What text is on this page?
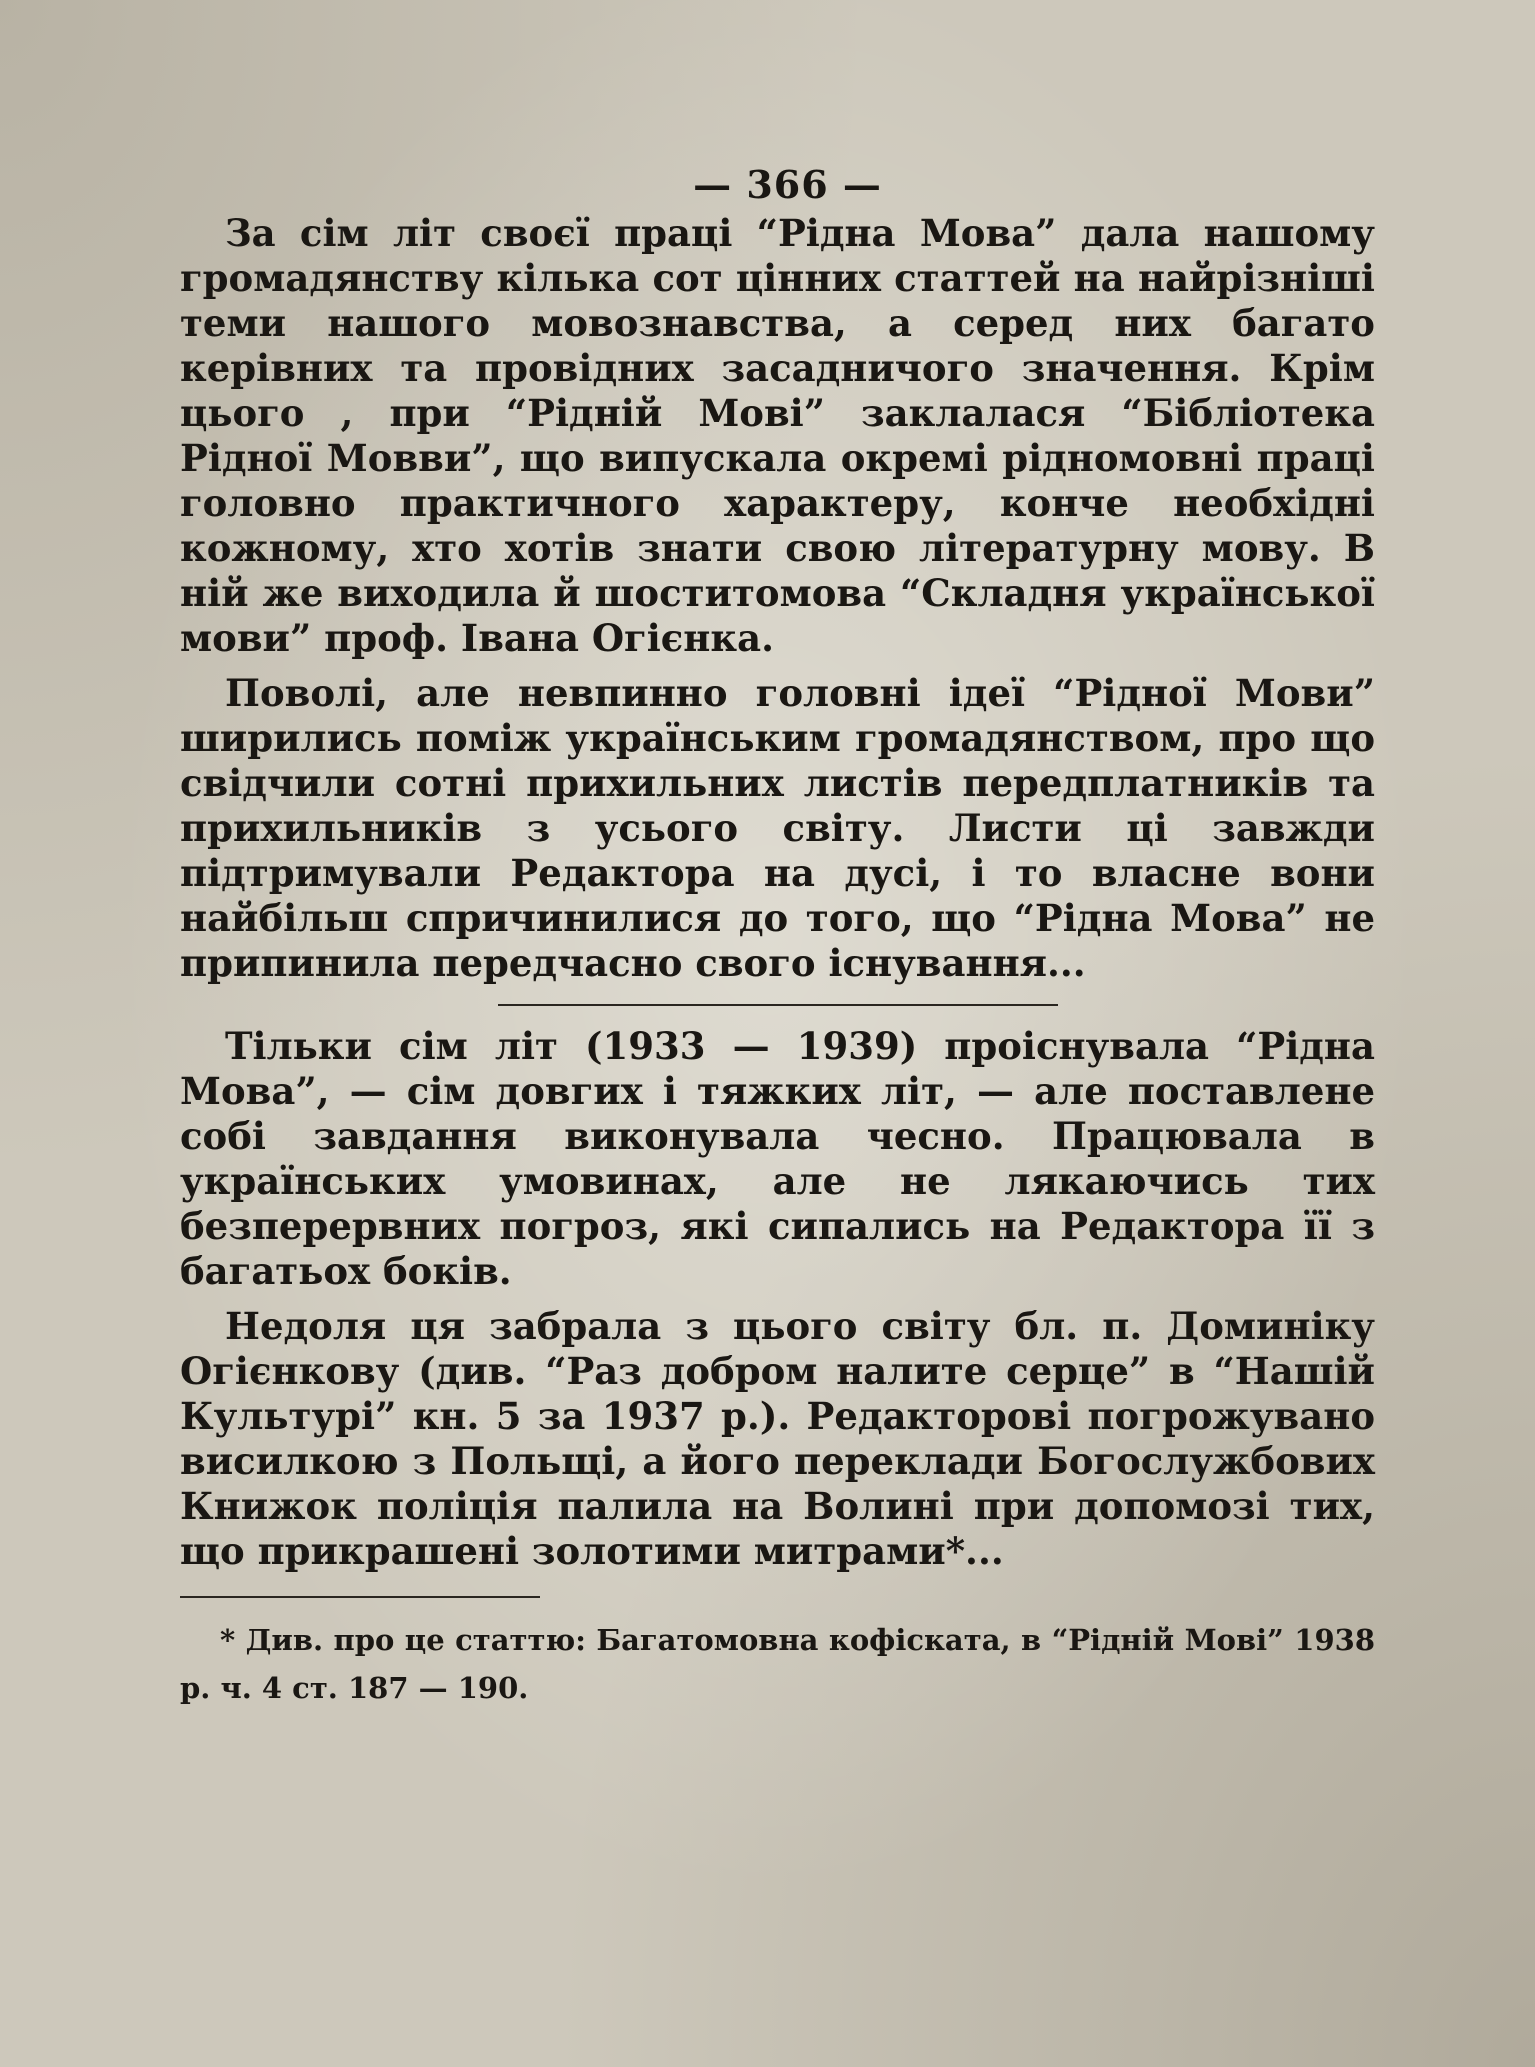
— 366 —

За сім літ своєї праці “Рідна Мова” дала нашому громадянству кілька сот цінних статтей на найрізніші теми нашого мовознавства, а серед них багато керівних та провідних засадничого значення. Крім цього , при “Рідній Мові” заклалася “Бібліотека Рідної Мовви”, що випускала окремі рідномовні праці головно практичного характеру, конче необхідні кожному, хто хотів знати свою літературну мову. В ній же виходила й шоститомова “Складня української мови” проф. Івана Огієнка.

Поволі, але невпинно головні ідеї “Рідної Мови” ширились поміж українським громадянством, про що свідчили сотні прихильних листів передплатників та прихильників з усього світу. Листи ці завжди підтримували Редактора на дусі, і то власне вони найбільш спричинилися до того, що “Рідна Мова” не припинила передчасно свого існування...

Тільки сім літ (1933 — 1939) проіснувала “Рідна Мова”, — сім довгих і тяжких літ, — але поставлене собі завдання виконувала чесно. Працювала в українських умовинах, але не лякаючись тих безперервних погроз, які сипались на Редактора її з багатьох боків.

Недоля ця забрала з цього світу бл. п. Доминіку Огієнкову (див. “Раз добром налите серце” в “Нашій Культурі” кн. 5 за 1937 р.). Редакторові погрожувано висилкою з Польщі, а його переклади Богослужбових Книжок поліція палила на Волині при допомозі тих, що прикрашені золотими митрами*...

* Див. про це статтю: Багатомовна кофіската, в “Рідній Мові” 1938 р. ч. 4 ст. 187 — 190.
